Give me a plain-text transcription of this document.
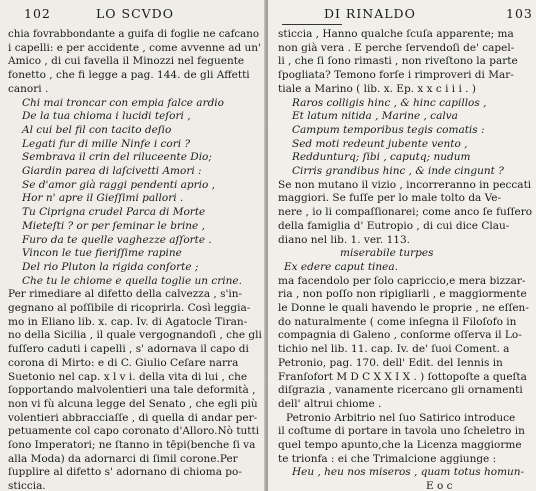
102	LO SCVDO
chia fovrabbondante a guifa di foglie ne cafcano
i capelli: e per accidente , come avvenne ad un'
Amico , di cui favella il Minozzi nel feguente
fonetto , che fi legge a pag. 144. de gli Affetti
canori .
Chi mai troncar con empia falce ardio
De la tua chioma i lucidi teſori ,
Al cui bel fil con tacito deſio
Legati fur di mille Ninfe i cori ?
Sembrava il crin del riluceente Dio;
Giardin parea di laſcivetti Amori :
Se d'amor già raggi pendenti aprio ,
Hor n' apre il Gieſſimi pallori .
Tu Ciprigna crudel Parca di Morte
Mieteſti ? or per ſeminar le brine ,
Furo da te quelle vaghezze aſſorte .
Vincon le tue fieriſſime rapine
Del rio Pluton la rigida conſorte ;
Che tu le chiome e quella toglie un crine.
Per rimediare al difetto della calvezza , s'in-
gegnano al poſſibile di ricoprirla. Così leggia-
mo in Eliano lib. x. cap. Iv. di Agatocle Tiran-
no della Sicilia , il quale vergognandoſi , che gli
fuſſero caduti i capelli , s' adornava il capo di
corona di Mirto: e di C. Giulio Ceſare narra
Suetonio nel cap. x l v i. della vita di lui , che
ſopportando malvolentieri una tale deformità ,
non vi fù alcuna legge del Senato , che egli più
volentieri abbracciaſſe , di quella di andar per-
petuamente col capo coronato d'Alloro.Nò tutti
ſono Imperatori; ne ſtanno in tēpi(benche ſi va
alla Moda) da adornarci di ſimil corone.Per
ſupplire al difetto s' adornano di chioma po-
sticcia.
DI RINALDO	103
sticcia , Hanno qualche ſcuſa apparente; ma
non già vera . E perche ſervendoſi de' capel-
li , che ſi ſono rimasti , non riveſtono la parte
ſpogliata? Temono forſe i rimproveri di Mar-
tiale a Marino ( lib. x. Ep. x x c i i i . )
Raros colligis hinc , & hinc capillos ,
Et latum nitida , Marine , calva
Campum temporibus tegis comatis :
Sed moti redeunt jubente vento ,
Reddunturq; ſibi , caputq; nudum
Cirris grandibus hinc , & inde cingunt ?
Se non mutano il vizio , incorreranno in peccati
maggiori. Se fuſſe per lo male tolto da Ve-
nere , io li compaſſionarei; come anco ſe fuſſero
della famiglia d' Eutropio , di cui dice Clau-
diano nel lib. 1. ver. 113.
miserabile turpes
Ex edere caput tinea.
ma facendolo per ſolo capriccio,e mera bizzar-
ria , non poſſo non ripigliarli , e maggiormente
le Donne le quali havendo le proprie , ne eſſen-
do naturalmente ( come inſegna il Filoſofo in
compagnia di Galeno , conſorme oſſerva il Lo-
tichio nel lib. 11. cap. Iv. de' ſuoi Coment. a
Petronio, pag. 170. dell' Edit. del Iennis in
Franſofort M D C X X I X . ) ſottopoſte a queſta
diſgrazia , vanamente ricercano gli ornamenti
dell' altrui chiome .
Petronio Arbitrio nel ſuo Satirico introduce
il coſtume di portare in tavola uno ſcheletro in
quel tempo apunto,che la Licenza maggiorme
te trionfa : ei che Trimalcione aggiunge :
Heu , heu nos miseros , quam totus homun-
E o c
